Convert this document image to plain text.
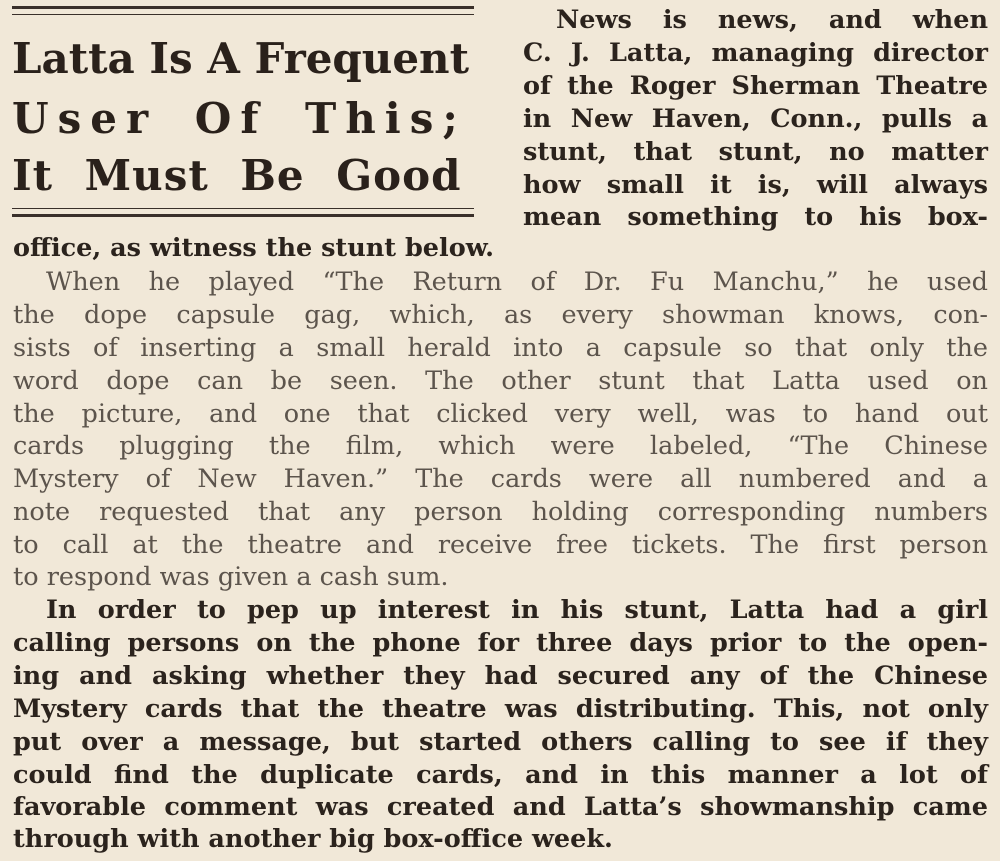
Latta Is A Frequent
User Of This;
It Must Be Good
News is news, and when
C. J. Latta, managing director
of the Roger Sherman Theatre
in New Haven, Conn., pulls a
stunt, that stunt, no matter
how small it is, will always
mean something to his box-
office, as witness the stunt below.
When he played “The Return of Dr. Fu Manchu,” he used
the dope capsule gag, which, as every showman knows, con-
sists of inserting a small herald into a capsule so that only the
word dope can be seen. The other stunt that Latta used on
the picture, and one that clicked very well, was to hand out
cards plugging the film, which were labeled, “The Chinese
Mystery of New Haven.” The cards were all numbered and a
note requested that any person holding corresponding numbers
to call at the theatre and receive free tickets. The first person
to respond was given a cash sum.
In order to pep up interest in his stunt, Latta had a girl
calling persons on the phone for three days prior to the open-
ing and asking whether they had secured any of the Chinese
Mystery cards that the theatre was distributing. This, not only
put over a message, but started others calling to see if they
could find the duplicate cards, and in this manner a lot of
favorable comment was created and Latta’s showmanship came
through with another big box-office week.
